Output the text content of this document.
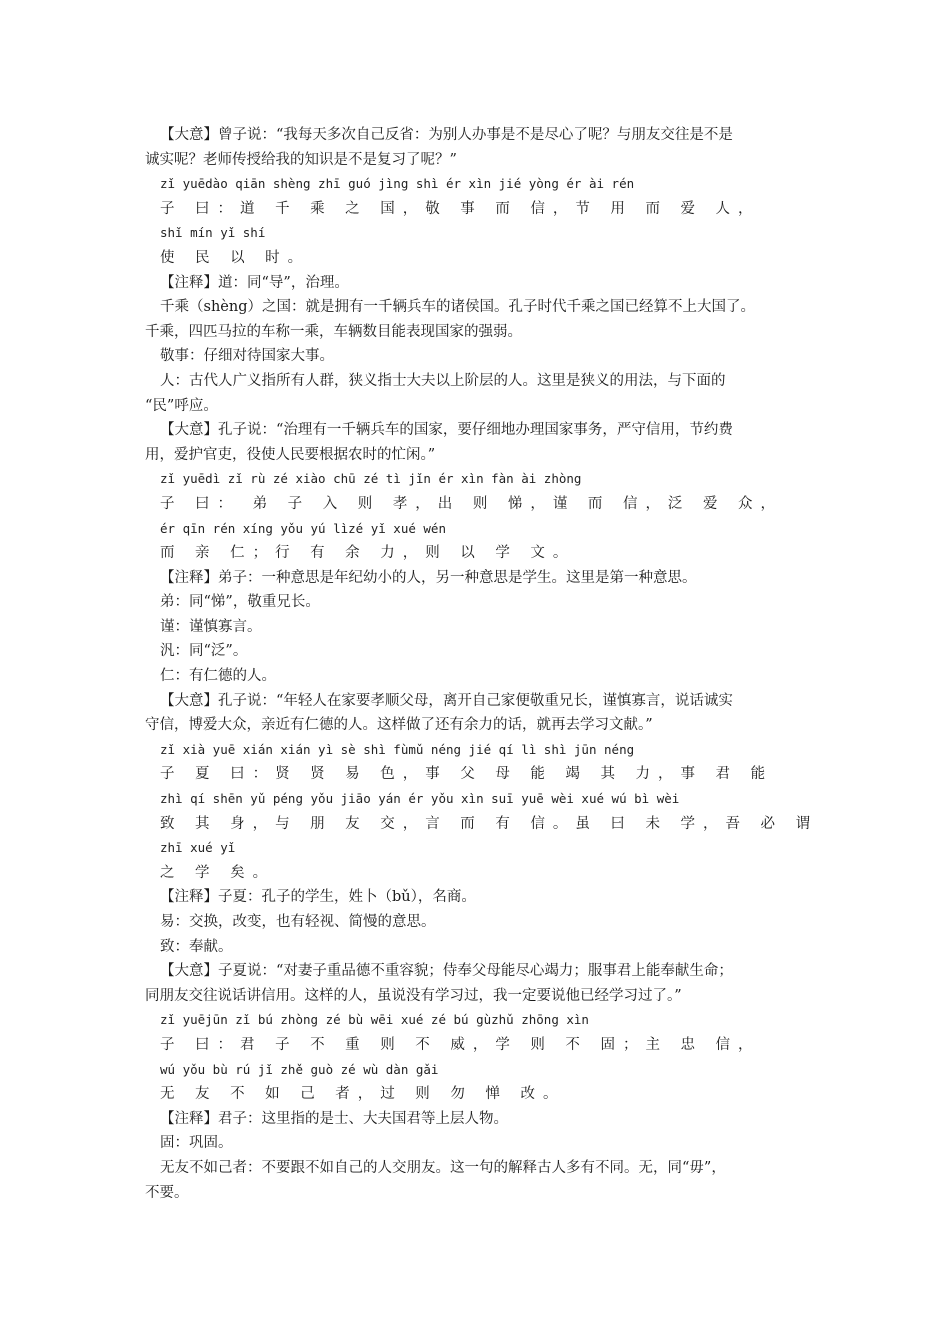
【大意】曾子说：“我每天多次自己反省：为别人办事是不是尽心了呢？与朋友交往是不是
诚实呢？老师传授给我的知识是不是复习了呢？”
zǐ yuēdào qiān shèng zhī guó jìng shì ér xìn jié yòng ér ài rén
子 曰：道 千 乘 之 国，敬 事 而 信，节 用 而 爱 人，
shǐ mín yǐ shí
使 民 以 时。
【注释】道：同“导”，治理。
千乘（shèng）之国：就是拥有一千辆兵车的诸侯国。孔子时代千乘之国已经算不上大国了。
千乘，四匹马拉的车称一乘，车辆数目能表现国家的强弱。
敬事：仔细对待国家大事。
人：古代人广义指所有人群，狭义指士大夫以上阶层的人。这里是狭义的用法，与下面的
“民”呼应。
【大意】孔子说：“治理有一千辆兵车的国家，要仔细地办理国家事务，严守信用，节约费
用，爱护官吏，役使人民要根据农时的忙闲。”
zǐ yuēdì zǐ rù zé xiào chū zé tì jǐn ér xìn fàn ài zhòng
子 曰： 弟 子 入 则 孝，出 则 悌，谨 而 信，泛 爱 众，
ér qīn rén xíng yǒu yú lìzé yǐ xué wén
而 亲 仁；行 有 余 力，则 以 学 文。
【注释】弟子：一种意思是年纪幼小的人，另一种意思是学生。这里是第一种意思。
弟：同“悌”，敬重兄长。
谨：谨慎寡言。
汎：同“泛”。
仁：有仁德的人。
【大意】孔子说：“年轻人在家要孝顺父母，离开自己家便敬重兄长，谨慎寡言，说话诚实
守信，博爱大众，亲近有仁德的人。这样做了还有余力的话，就再去学习文献。”
zǐ xià yuē xián xián yì sè shì fùmǔ néng jié qí lì shì jūn néng
子 夏 曰：贤 贤 易 色，事 父 母 能 竭 其 力，事 君 能
zhì qí shēn yǔ péng yǒu jiāo yán ér yǒu xìn suī yuē wèi xué wú bì wèi
致 其 身，与 朋 友 交，言 而 有 信。虽 曰 未 学，吾 必 谓
zhī xué yǐ
之 学 矣。
【注释】子夏：孔子的学生，姓卜（bǔ），名商。
易：交换，改变，也有轻视、简慢的意思。
致：奉献。
【大意】子夏说：“对妻子重品德不重容貌；侍奉父母能尽心竭力；服事君上能奉献生命；
同朋友交往说话讲信用。这样的人，虽说没有学习过，我一定要说他已经学习过了。”
zǐ yuējūn zǐ bú zhòng zé bù wēi xué zé bú gùzhǔ zhōng xìn
子 曰：君 子 不 重 则 不 威，学 则 不 固；主 忠 信，
wú yǒu bù rú jǐ zhě guò zé wù dàn gǎi
无 友 不 如 己 者，过 则 勿 惮 改。
【注释】君子：这里指的是士、大夫国君等上层人物。
固：巩固。
无友不如己者：不要跟不如自己的人交朋友。这一句的解释古人多有不同。无，同“毋”，
不要。
